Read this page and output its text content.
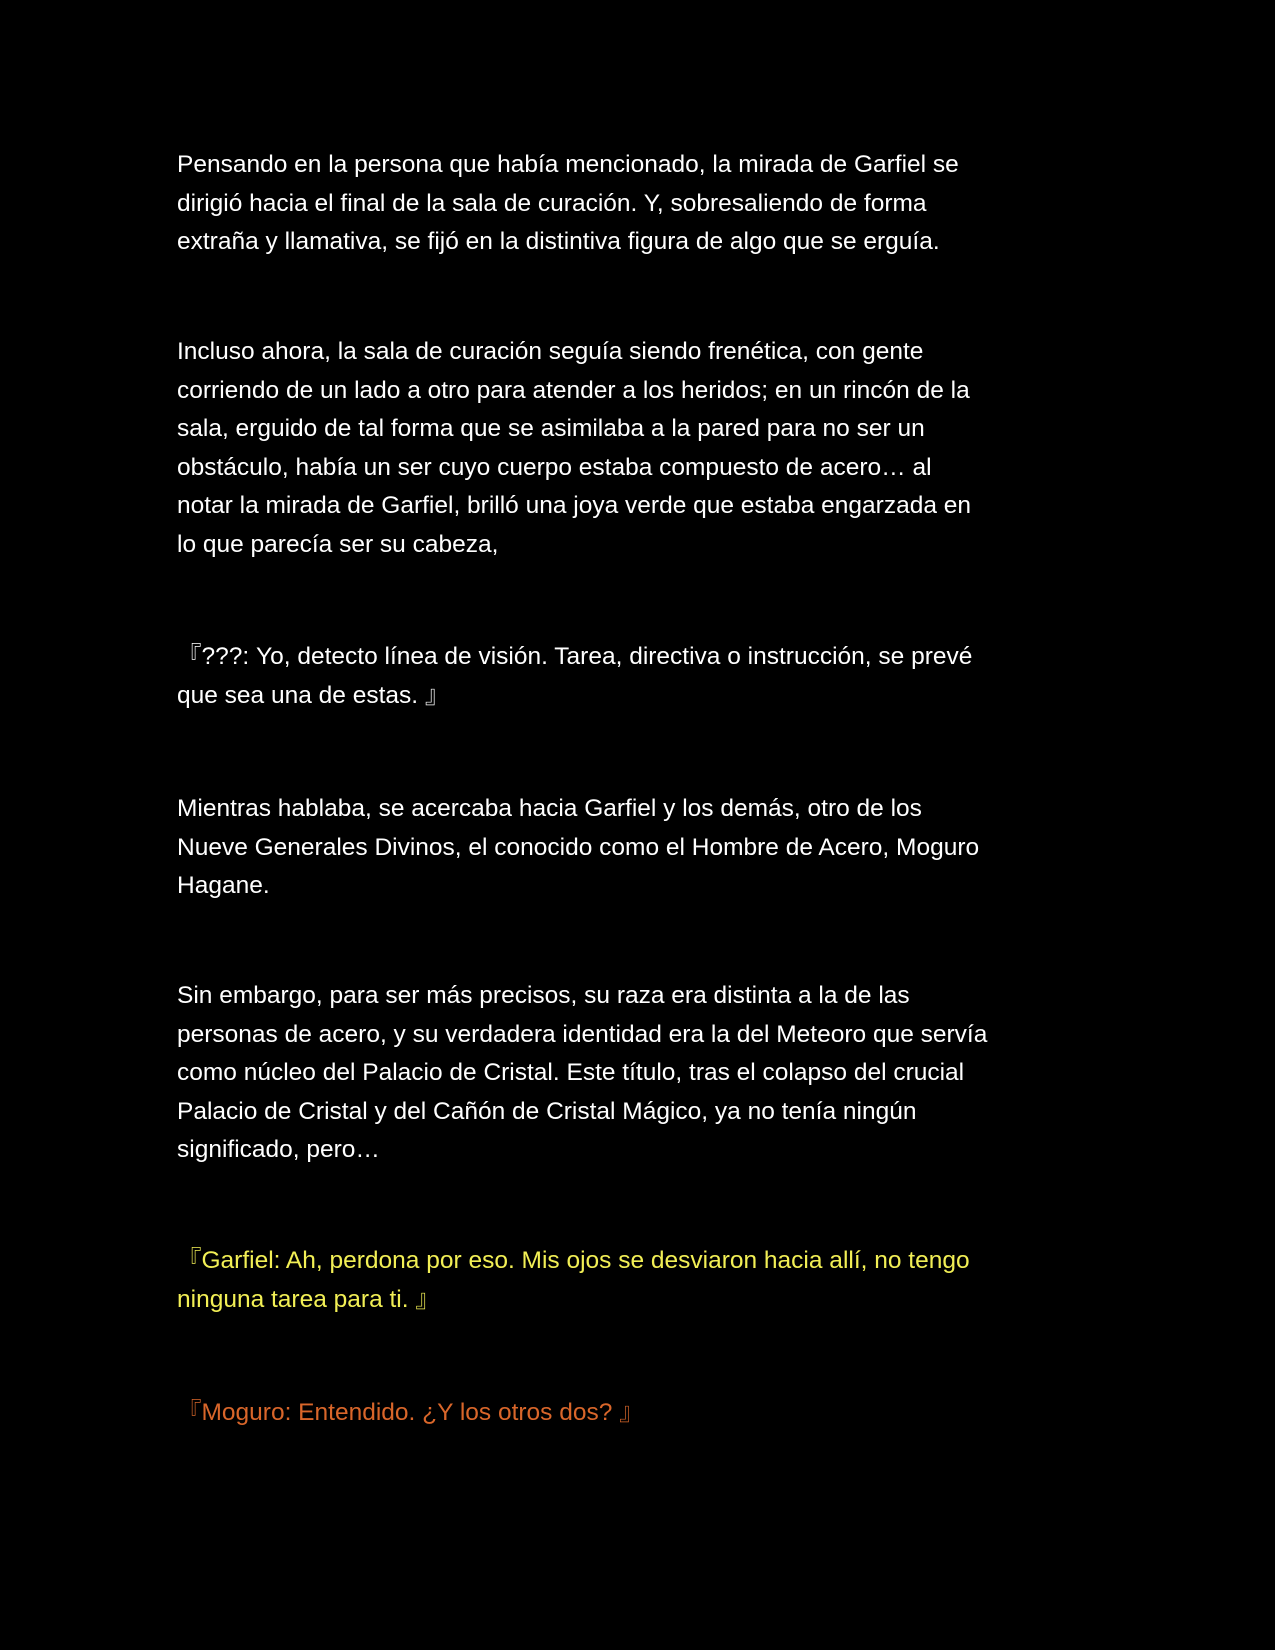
Pensando en la persona que había mencionado, la mirada de Garfiel se
dirigió hacia el final de la sala de curación. Y, sobresaliendo de forma
extraña y llamativa, se fijó en la distintiva figura de algo que se erguía.

Incluso ahora, la sala de curación seguía siendo frenética, con gente
corriendo de un lado a otro para atender a los heridos; en un rincón de la
sala, erguido de tal forma que se asimilaba a la pared para no ser un
obstáculo, había un ser cuyo cuerpo estaba compuesto de acero… al
notar la mirada de Garfiel, brilló una joya verde que estaba engarzada en
lo que parecía ser su cabeza,

『???: Yo, detecto línea de visión. Tarea, directiva o instrucción, se prevé
que sea una de estas. 』

Mientras hablaba, se acercaba hacia Garfiel y los demás, otro de los
Nueve Generales Divinos, el conocido como el Hombre de Acero, Moguro
Hagane.

Sin embargo, para ser más precisos, su raza era distinta a la de las
personas de acero, y su verdadera identidad era la del Meteoro que servía
como núcleo del Palacio de Cristal. Este título, tras el colapso del crucial
Palacio de Cristal y del Cañón de Cristal Mágico, ya no tenía ningún
significado, pero…

『Garfiel: Ah, perdona por eso. Mis ojos se desviaron hacia allí, no tengo
ninguna tarea para ti. 』

『Moguro: Entendido. ¿Y los otros dos? 』
